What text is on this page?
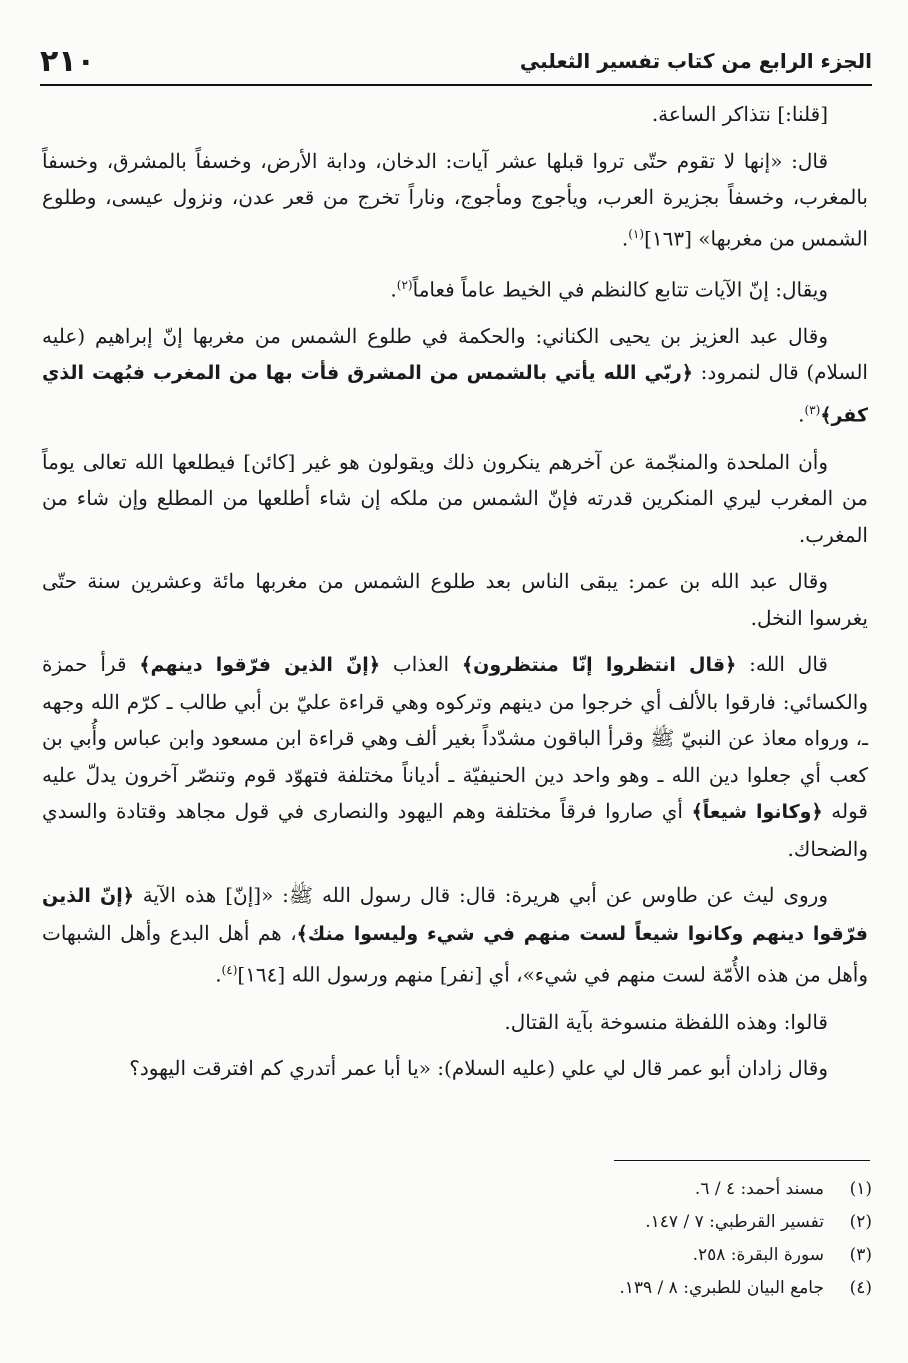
الجزء الرابع من كتاب تفسير الثعلبي
٢١٠

[قلنا:] نتذاكر الساعة.

قال: «إنها لا تقوم حتّى تروا قبلها عشر آيات: الدخان، ودابة الأرض، وخسفاً بالمشرق، وخسفاً بالمغرب، وخسفاً بجزيرة العرب، ويأجوج ومأجوج، وناراً تخرج من قعر عدن، ونزول عيسى، وطلوع الشمس من مغربها» [١٦٣]$^{(١)}$.

ويقال: إنّ الآيات تتابع كالنظم في الخيط عاماً فعاماً$^{(٢)}$.

وقال عبد العزيز بن يحيى الكناني: والحكمة في طلوع الشمس من مغربها إنّ إبراهيم (عليه السلام) قال لنمرود: ﴿ربّي الله يأتي بالشمس من المشرق فأت بها من المغرب فبُهت الذي كفر﴾$^{(٣)}$.

وأن الملحدة والمنجّمة عن آخرهم ينكرون ذلك ويقولون هو غير [كائن] فيطلعها الله تعالى يوماً من المغرب ليري المنكرين قدرته فإنّ الشمس من ملكه إن شاء أطلعها من المطلع وإن شاء من المغرب.

وقال عبد الله بن عمر: يبقى الناس بعد طلوع الشمس من مغربها مائة وعشرين سنة حتّى يغرسوا النخل.

قال الله: ﴿قال انتظروا إنّا منتظرون﴾ العذاب ﴿إنّ الذين فرّقوا دينهم﴾ قرأ حمزة والكسائي: فارقوا بالألف أي خرجوا من دينهم وتركوه وهي قراءة عليّ بن أبي طالب ـ كرّم الله وجهه ـ، ورواه معاذ عن النبيّ ﷺ وقرأ الباقون مشدّداً بغير ألف وهي قراءة ابن مسعود وابن عباس وأُبي بن كعب أي جعلوا دين الله ـ وهو واحد دين الحنيفيّة ـ أدياناً مختلفة فتهوّد قوم وتنصّر آخرون يدلّ عليه قوله ﴿وكانوا شيعاً﴾ أي صاروا فرقاً مختلفة وهم اليهود والنصارى في قول مجاهد وقتادة والسدي والضحاك.

وروى ليث عن طاوس عن أبي هريرة: قال: قال رسول الله ﷺ: «[إنّ] هذه الآية ﴿إنّ الذين فرّقوا دينهم وكانوا شيعاً لست منهم في شيء وليسوا منك﴾، هم أهل البدع وأهل الشبهات وأهل من هذه الأُمّة لست منهم في شيء»، أي [نفر] منهم ورسول الله [١٦٤]$^{(٤)}$.

قالوا: وهذه اللفظة منسوخة بآية القتال.

وقال زادان أبو عمر قال لي علي (عليه السلام): «يا أبا عمر أتدري كم افترقت اليهود؟

(١)
مسند أحمد: ٤ / ٦.
(٢)
تفسير القرطبي: ٧ / ١٤٧.
(٣)
سورة البقرة: ٢٥٨.
(٤)
جامع البيان للطبري: ٨ / ١٣٩.
